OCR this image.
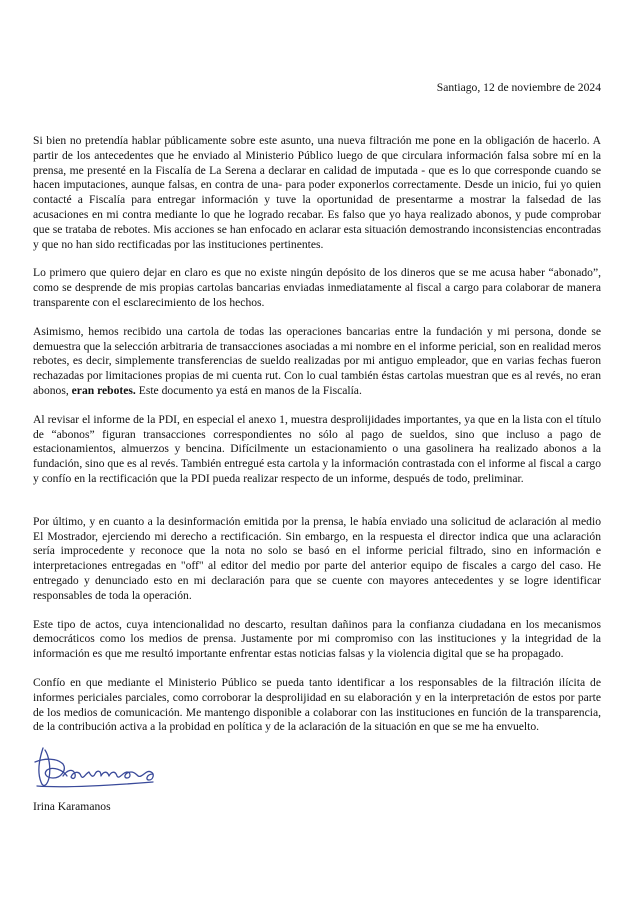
Santiago, 12 de noviembre de 2024

Si bien no pretendía hablar públicamente sobre este asunto, una nueva filtración me pone en la obligación de hacerlo. A partir de los antecedentes que he enviado al Ministerio Público luego de que circulara información falsa sobre mí en la prensa, me presenté en la Fiscalía de La Serena a declarar en calidad de imputada - que es lo que corresponde cuando se hacen imputaciones, aunque falsas, en contra de una- para poder exponerlos correctamente. Desde un inicio, fui yo quien contacté a Fiscalía para entregar información y tuve la oportunidad de presentarme a mostrar la falsedad de las acusaciones en mi contra mediante lo que he logrado recabar. Es falso que yo haya realizado abonos, y pude comprobar que se trataba de rebotes. Mis acciones se han enfocado en aclarar esta situación demostrando inconsistencias encontradas y que no han sido rectificadas por las instituciones pertinentes.

Lo primero que quiero dejar en claro es que no existe ningún depósito de los dineros que se me acusa haber “abonado”, como se desprende de mis propias cartolas bancarias enviadas inmediatamente al fiscal a cargo para colaborar de manera transparente con el esclarecimiento de los hechos.

Asimismo, hemos recibido una cartola de todas las operaciones bancarias entre la fundación y mi persona, donde se demuestra que la selección arbitraria de transacciones asociadas a mi nombre en el informe pericial, son en realidad meros rebotes, es decir, simplemente transferencias de sueldo realizadas por mi antiguo empleador, que en varias fechas fueron rechazadas por limitaciones propias de mi cuenta rut. Con lo cual también éstas cartolas muestran que es al revés, no eran abonos, eran rebotes. Este documento ya está en manos de la Fiscalía.

Al revisar el informe de la PDI, en especial el anexo 1, muestra desprolijidades importantes, ya que en la lista con el título de “abonos” figuran transacciones correspondientes no sólo al pago de sueldos, sino que incluso a pago de estacionamientos, almuerzos y bencina. Difícilmente un estacionamiento o una gasolinera ha realizado abonos a la fundación, sino que es al revés. También entregué esta cartola y la información contrastada con el informe al fiscal a cargo y confío en la rectificación que la PDI pueda realizar respecto de un informe, después de todo, preliminar.

Por último, y en cuanto a la desinformación emitida por la prensa, le había enviado una solicitud de aclaración al medio El Mostrador, ejerciendo mi derecho a rectificación. Sin embargo, en la respuesta el director indica que una aclaración sería improcedente y reconoce que la nota no solo se basó en el informe pericial filtrado, sino en información e interpretaciones entregadas en "off" al editor del medio por parte del anterior equipo de fiscales a cargo del caso. He entregado y denunciado esto en mi declaración para que se cuente con mayores antecedentes y se logre identificar responsables de toda la operación.

Este tipo de actos, cuya intencionalidad no descarto, resultan dañinos para la confianza ciudadana en los mecanismos democráticos como los medios de prensa. Justamente por mi compromiso con las instituciones y la integridad de la información es que me resultó importante enfrentar estas noticias falsas y la violencia digital que se ha propagado.

Confío en que mediante el Ministerio Público se pueda tanto identificar a los responsables de la filtración ilícita de informes periciales parciales, como corroborar la desprolijidad en su elaboración y en la interpretación de estos por parte de los medios de comunicación. Me mantengo disponible a colaborar con las instituciones en función de la transparencia, de la contribución activa a la probidad en política y de la aclaración de la situación en que se me ha envuelto.

Irina Karamanos
